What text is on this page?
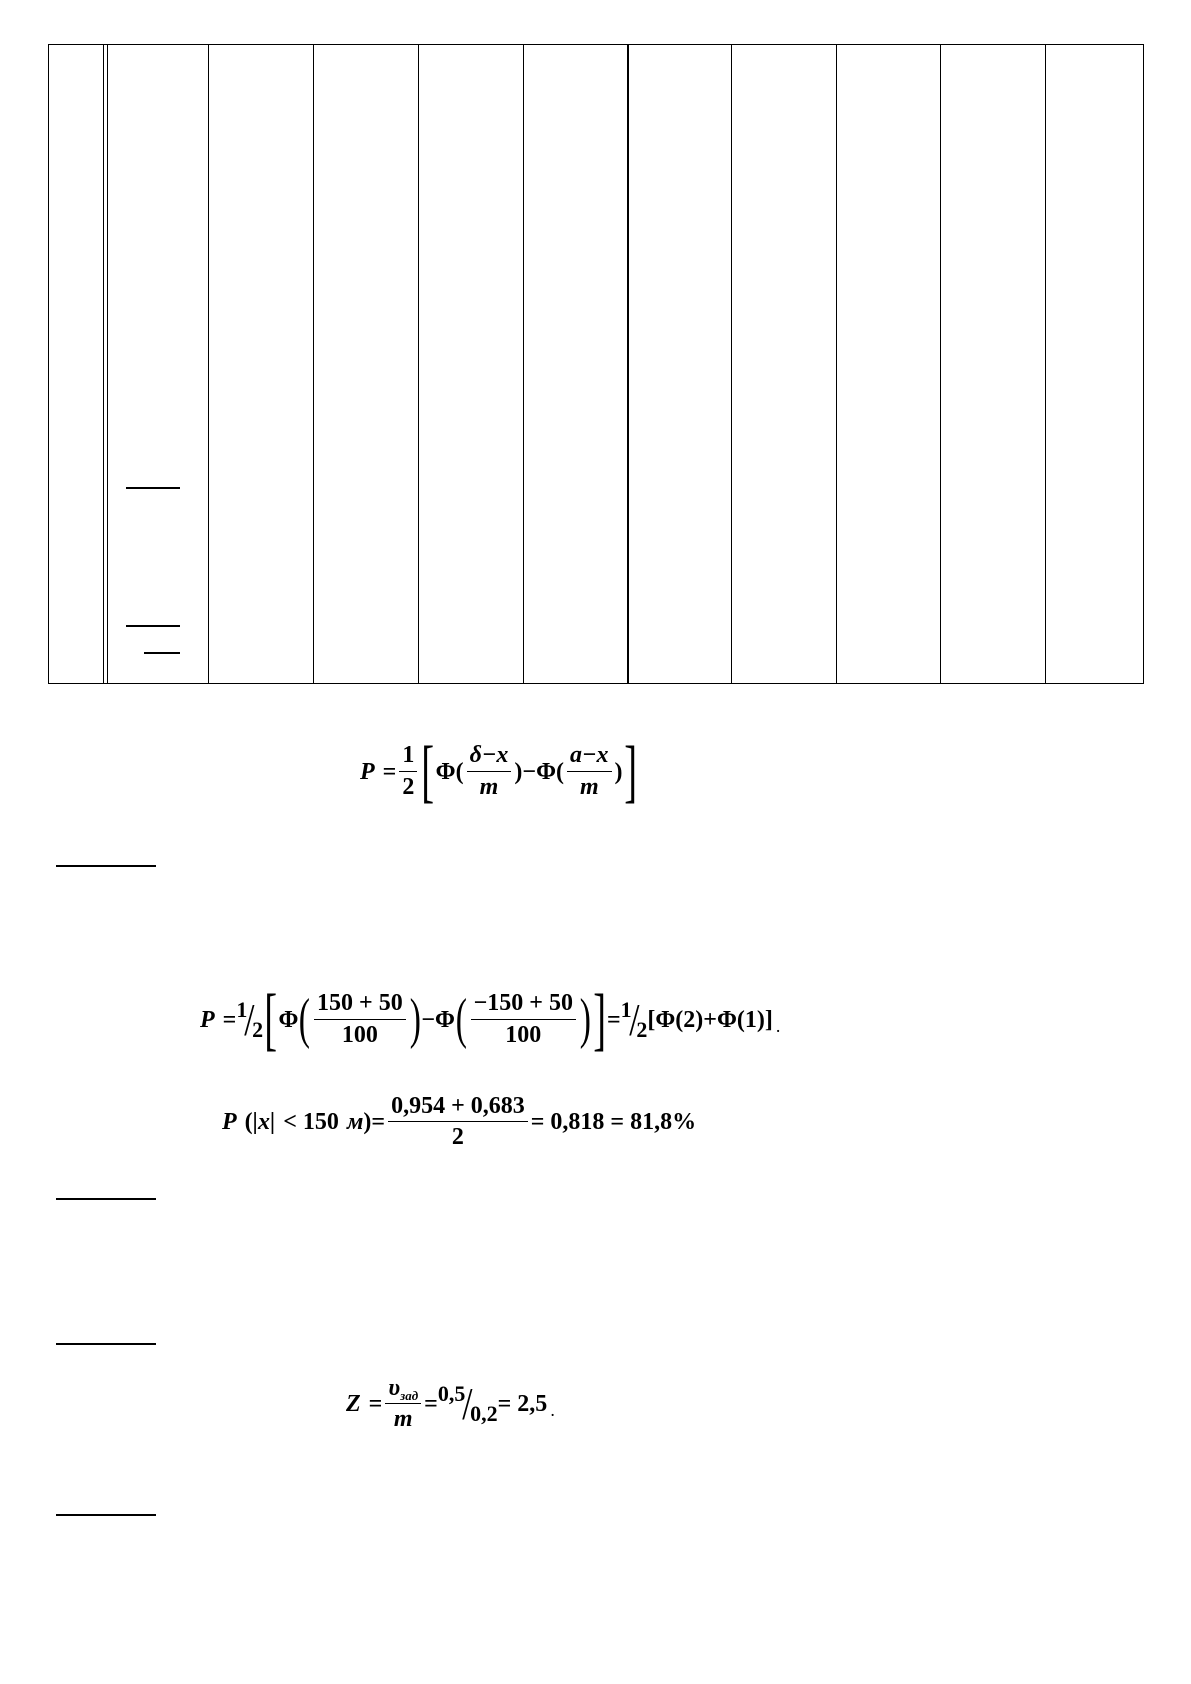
$P = \frac{1}{2}$ [ Φ ( $\frac{\delta-x}{m}$ )− Φ ( $\frac{a-x}{m}$ ) ]
P = 1
/
2 [ Φ ( $\frac{150 + 50}{100}$ ) − Φ ( $\frac{-150 + 50}{100}$ ) ] = 1
/
2 [Φ(2)+Φ(1)] .
P ( |x| < 150 м )= $\frac{0,954 + 0,683}{2} = 0,818 = 81,8\%$
$Z = \frac{\upsilon_{зад}}{m} = 0,5$
/
0,2 = 2,5 .
